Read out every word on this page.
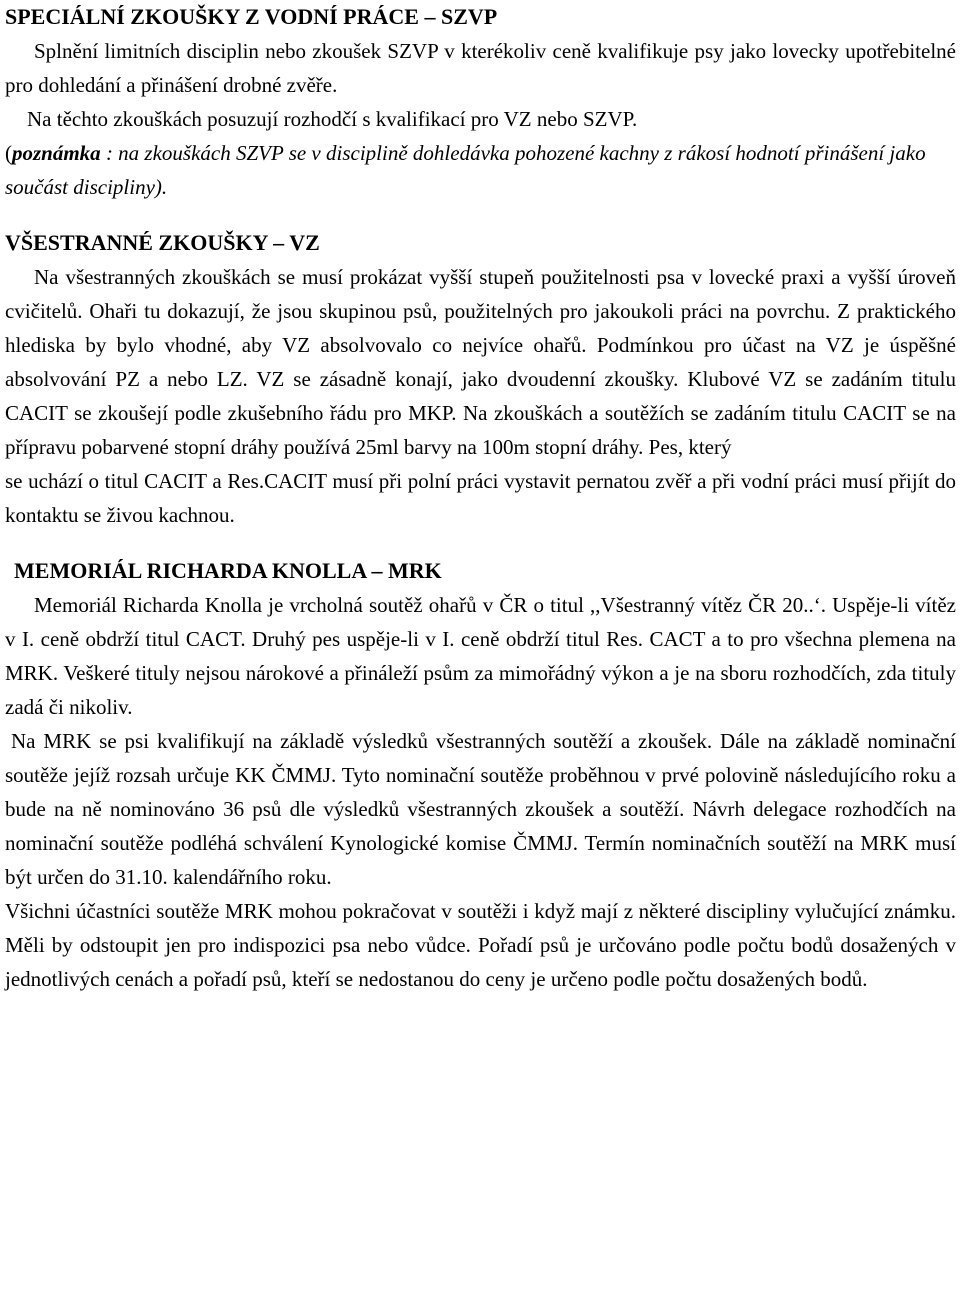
SPECIÁLNÍ ZKOUŠKY Z VODNÍ PRÁCE – SZVP

Splnění limitních disciplin nebo zkoušek SZVP v kterékoliv ceně kvalifikuje psy jako lovecky upotřebitelné pro dohledání a přinášení drobné zvěře.

Na těchto zkouškách posuzují rozhodčí s kvalifikací pro VZ nebo SZVP.

(poznámka : na zkouškách SZVP se v disciplině dohledávka pohozené kachny z rákosí hodnotí přinášení jako součást discipliny).

VŠESTRANNÉ ZKOUŠKY – VZ

Na všestranných zkouškách se musí prokázat vyšší stupeň použitelnosti psa v lovecké praxi a vyšší úroveň cvičitelů. Ohaři tu dokazují, že jsou skupinou psů, použitelných pro jakoukoli práci na povrchu. Z praktického hlediska by bylo vhodné, aby VZ absolvovalo co nejvíce ohařů. Podmínkou pro účast na VZ je úspěšné absolvování PZ a nebo LZ. VZ se zásadně konají, jako dvoudenní zkoušky. Klubové VZ se zadáním titulu CACIT se zkoušejí podle zkušebního řádu pro MKP. Na zkouškách a soutěžích se zadáním titulu CACIT se na přípravu pobarvené stopní dráhy používá 25ml barvy na 100m stopní dráhy. Pes, který

se uchází o titul CACIT a Res.CACIT musí při polní práci vystavit pernatou zvěř a při vodní práci musí přijít do kontaktu se živou kachnou.

MEMORIÁL RICHARDA KNOLLA – MRK

Memoriál Richarda Knolla je vrcholná soutěž ohařů v ČR o titul ,,Všestranný vítěz ČR 20..‘. Uspěje-li vítěz v I. ceně obdrží titul CACT. Druhý pes uspěje-li v I. ceně obdrží titul Res. CACT a to pro všechna plemena na MRK. Veškeré tituly nejsou nárokové a přináleží psům za mimořádný výkon a je na sboru rozhodčích, zda tituly zadá či nikoliv.

Na MRK se psi kvalifikují na základě výsledků všestranných soutěží a zkoušek. Dále na základě nominační soutěže jejíž rozsah určuje KK ČMMJ. Tyto nominační soutěže proběhnou v prvé polovině následujícího roku a bude na ně nominováno 36 psů dle výsledků všestranných zkoušek a soutěží. Návrh delegace rozhodčích na nominační soutěže podléhá schválení Kynologické komise ČMMJ. Termín nominačních soutěží na MRK musí být určen do 31.10. kalendářního roku.

Všichni účastníci soutěže MRK mohou pokračovat v soutěži i když mají z některé discipliny vylučující známku. Měli by odstoupit jen pro indispozici psa nebo vůdce. Pořadí psů je určováno podle počtu bodů dosažených v jednotlivých cenách a pořadí psů, kteří se nedostanou do ceny je určeno podle počtu dosažených bodů.
